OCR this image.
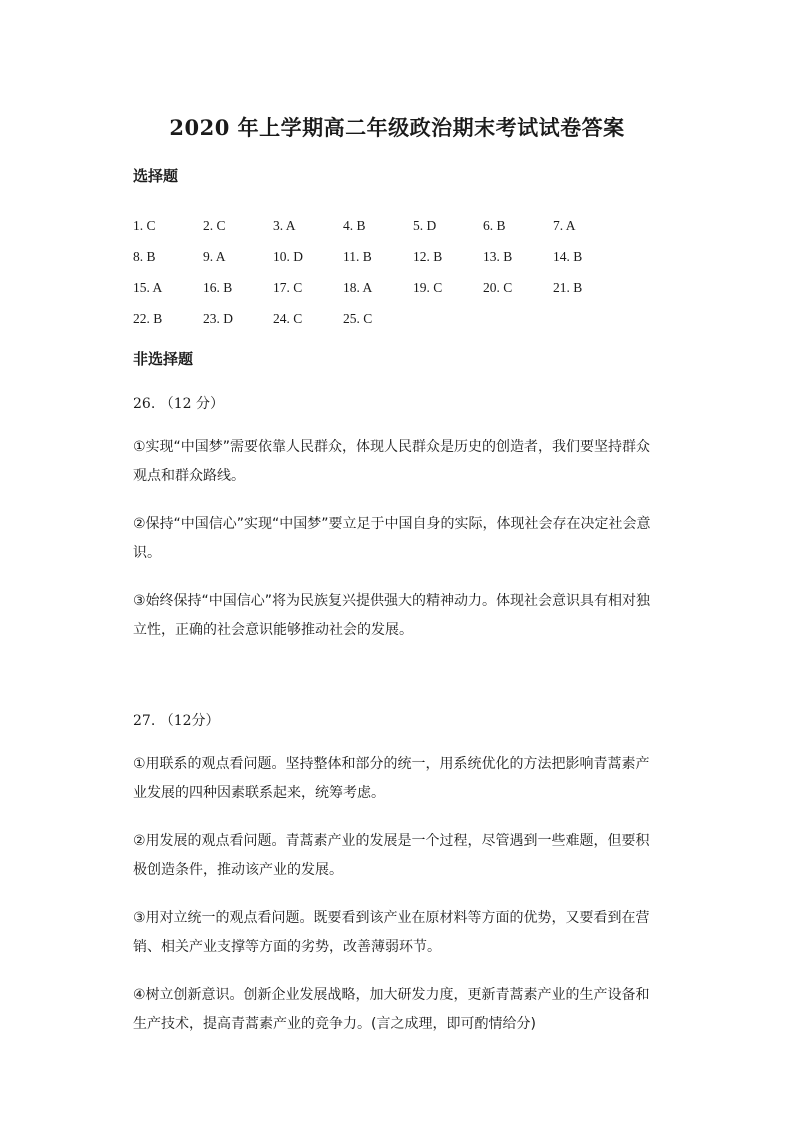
2020 年上学期高二年级政治期末考试试卷答案
选择题
1. C	2. C	3. A	4. B	5. D	6. B	7. A
8. B	9. A	10. D	11. B	12. B	13. B	14. B
15. A	16. B	17. C	18. A	19. C	20. C	21. B
22. B	23. D	24. C	25. C
非选择题
26. （12 分）
①实现“中国梦”需要依靠人民群众，体现人民群众是历史的创造者，我们要坚持群众观点和群众路线。
②保持“中国信心”实现“中国梦”要立足于中国自身的实际，体现社会存在决定社会意识。
③始终保持“中国信心”将为民族复兴提供强大的精神动力。体现社会意识具有相对独立性，正确的社会意识能够推动社会的发展。
27. （12分）
①用联系的观点看问题。坚持整体和部分的统一，用系统优化的方法把影响青蒿素产业发展的四种因素联系起来，统筹考虑。
②用发展的观点看问题。青蒿素产业的发展是一个过程，尽管遇到一些难题，但要积极创造条件，推动该产业的发展。
③用对立统一的观点看问题。既要看到该产业在原材料等方面的优势，又要看到在营销、相关产业支撑等方面的劣势，改善薄弱环节。
④树立创新意识。创新企业发展战略，加大研发力度，更新青蒿素产业的生产设备和生产技术，提高青蒿素产业的竞争力。(言之成理，即可酌情给分)
